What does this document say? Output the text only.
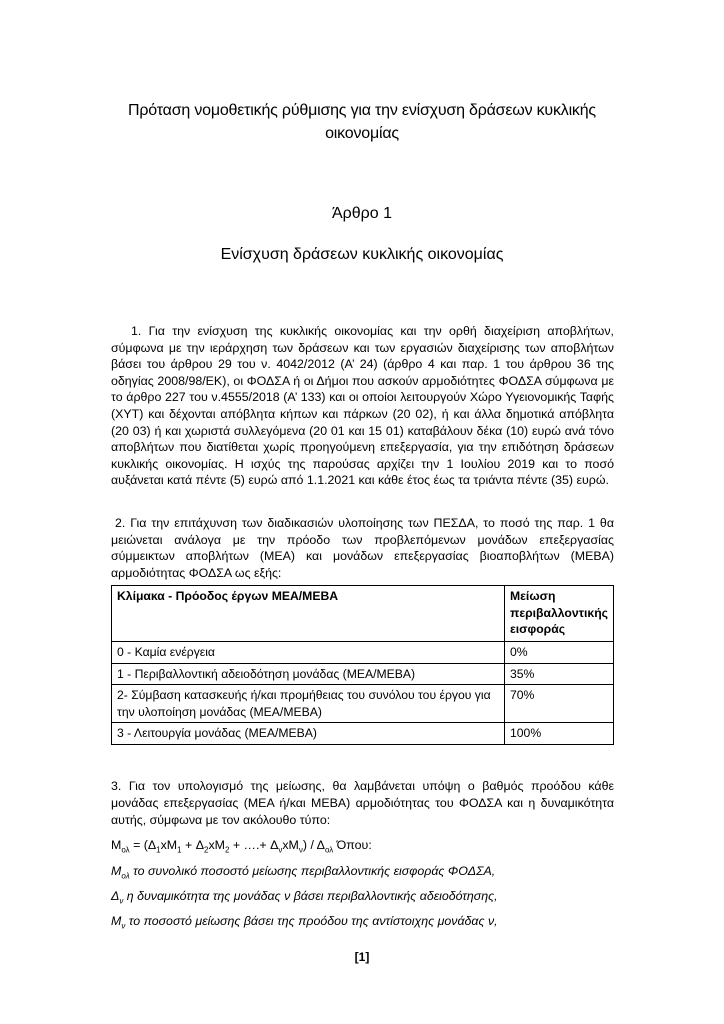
Πρόταση νομοθετικής ρύθμισης για την ενίσχυση δράσεων κυκλικής οικονομίας
Άρθρο 1
Ενίσχυση δράσεων κυκλικής οικονομίας
1. Για την ενίσχυση της κυκλικής οικονομίας και την ορθή διαχείριση αποβλήτων, σύμφωνα με την ιεράρχηση των δράσεων και των εργασιών διαχείρισης των αποβλήτων βάσει του άρθρου 29 του ν. 4042/2012 (Α’ 24) (άρθρο 4 και παρ. 1 του άρθρου 36 της οδηγίας 2008/98/ΕΚ), οι ΦΟΔΣΑ ή οι Δήμοι που ασκούν αρμοδιότητες ΦΟΔΣΑ σύμφωνα με το άρθρο 227 του ν.4555/2018 (Α’ 133) και οι οποίοι λειτουργούν Χώρο Υγειονομικής Ταφής (ΧΥΤ) και δέχονται απόβλητα κήπων και πάρκων (20 02), ή και άλλα δημοτικά απόβλητα (20 03) ή και χωριστά συλλεγόμενα (20 01 και 15 01) καταβάλουν δέκα (10) ευρώ ανά τόνο αποβλήτων που διατίθεται χωρίς προηγούμενη επεξεργασία, για την επιδότηση δράσεων κυκλικής οικονομίας. Η ισχύς της παρούσας αρχίζει την 1 Ιουλίου 2019 και το ποσό αυξάνεται κατά πέντε (5) ευρώ από 1.1.2021 και κάθε έτος έως τα τριάντα πέντε (35) ευρώ.
2. Για την επιτάχυνση των διαδικασιών υλοποίησης των ΠΕΣΔΑ, το ποσό της παρ. 1 θα μειώνεται ανάλογα με την πρόοδο των προβλεπόμενων μονάδων επεξεργασίας σύμμεικτων αποβλήτων (ΜΕΑ) και μονάδων επεξεργασίας βιοαποβλήτων (ΜΕΒΑ) αρμοδιότητας ΦΟΔΣΑ ως εξής:
Κλίμακα - Πρόοδος έργων ΜΕΑ/ΜΕΒΑ	Μείωση περιβαλλοντικής εισφοράς
0 - Καμία ενέργεια	0%
1 - Περιβαλλοντική αδειοδότηση μονάδας (ΜΕΑ/ΜΕΒΑ)	35%
2- Σύμβαση κατασκευής ή/και προμήθειας του συνόλου του έργου για την υλοποίηση μονάδας (ΜΕΑ/ΜΕΒΑ)	70%
3 - Λειτουργία μονάδας (ΜΕΑ/ΜΕΒΑ)	100%
3. Για τον υπολογισμό της μείωσης, θα λαμβάνεται υπόψη ο βαθμός προόδου κάθε μονάδας επεξεργασίας (ΜΕΑ ή/και ΜΕΒΑ) αρμοδιότητας του ΦΟΔΣΑ και η δυναμικότητα αυτής, σύμφωνα με τον ακόλουθο τύπο:
$M_{o\lambda} = (\Delta_1xM_1 + \Delta_2xM_2$ + ….+ $\Delta_\nu xM_\nu) / \Delta_{o\lambda}$ Όπου:
$M_{o\lambda}$ το συνολικό ποσοστό μείωσης περιβαλλοντικής εισφοράς ΦΟΔΣΑ,
$\Delta_\nu$ η δυναμικότητα της μονάδας ν βάσει περιβαλλοντικής αδειοδότησης,
$M_\nu$ το ποσοστό μείωσης βάσει της προόδου της αντίστοιχης μονάδας ν,
[1]
